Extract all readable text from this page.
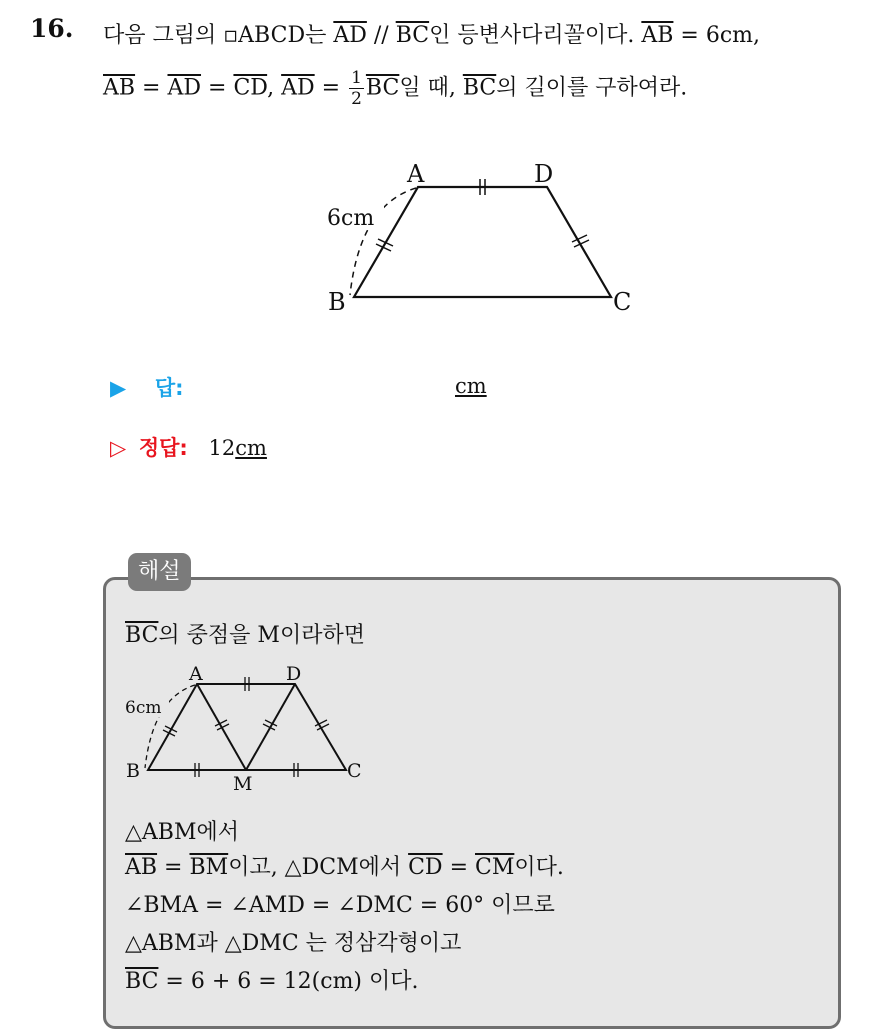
16. 다음 그림의 ▫ABCD는 $\overline{AD} // \overline{BC}$인 등변사다리꼴이다. $\overline{AB} = 6cm$,
$\overline{AB} = \overline{AD} = \overline{CD}$, $\overline{AD} = \frac{1}{2} \overline{BC}$일 때, $\overline{BC}$의 길이를 구하여라.
6cm
A	D
B	C
▶ 답:	cm
▷ 정답: 12cm
해설
$\overline{BC}$의 중점을 M이라하면
6cm
A	D
B	C
M
△ABM에서
$\overline{AB} = \overline{BM}$이고, △DCM에서 $\overline{CD} = \overline{CM}$이다.
∠BMA = ∠AMD = ∠DMC = 60° 이므로
△ABM과 △DMC 는 정삼각형이고
$\overline{BC} = 6 + 6 = 12(cm)$ 이다.
